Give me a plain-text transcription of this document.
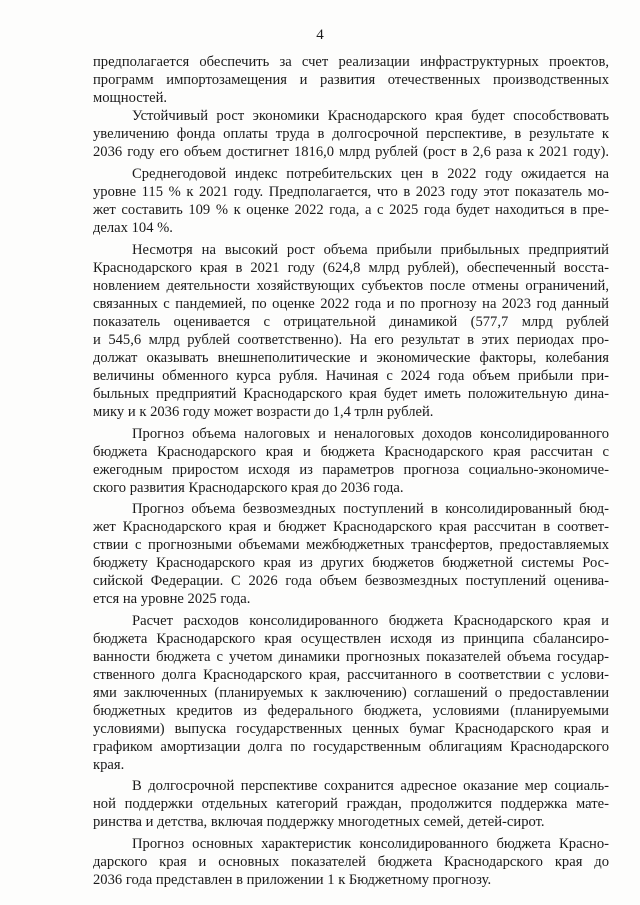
4
предполагается обеспечить за счет реализации инфраструктурных проектов,
программ импортозамещения и развития отечественных производственных
мощностей.
Устойчивый рост экономики Краснодарского края будет способствовать
увеличению фонда оплаты труда в долгосрочной перспективе, в результате к
2036 году его объем достигнет 1816,0 млрд рублей (рост в 2,6 раза к 2021 году).
Среднегодовой индекс потребительских цен в 2022 году ожидается на
уровне 115 % к 2021 году. Предполагается, что в 2023 году этот показатель мо-
жет составить 109 % к оценке 2022 года, а с 2025 года будет находиться в пре-
делах 104 %.
Несмотря на высокий рост объема прибыли прибыльных предприятий
Краснодарского края в 2021 году (624,8 млрд рублей), обеспеченный восста-
новлением деятельности хозяйствующих субъектов после отмены ограничений,
связанных с пандемией, по оценке 2022 года и по прогнозу на 2023 год данный
показатель оценивается с отрицательной динамикой (577,7 млрд рублей
и 545,6 млрд рублей соответственно). На его результат в этих периодах про-
должат оказывать внешнеполитические и экономические факторы, колебания
величины обменного курса рубля. Начиная с 2024 года объем прибыли при-
быльных предприятий Краснодарского края будет иметь положительную дина-
мику и к 2036 году может возрасти до 1,4 трлн рублей.
Прогноз объема налоговых и неналоговых доходов консолидированного
бюджета Краснодарского края и бюджета Краснодарского края рассчитан с
ежегодным приростом исходя из параметров прогноза социально-экономиче-
ского развития Краснодарского края до 2036 года.
Прогноз объема безвозмездных поступлений в консолидированный бюд-
жет Краснодарского края и бюджет Краснодарского края рассчитан в соответ-
ствии с прогнозными объемами межбюджетных трансфертов, предоставляемых
бюджету Краснодарского края из других бюджетов бюджетной системы Рос-
сийской Федерации. С 2026 года объем безвозмездных поступлений оценива-
ется на уровне 2025 года.
Расчет расходов консолидированного бюджета Краснодарского края и
бюджета Краснодарского края осуществлен исходя из принципа сбалансиро-
ванности бюджета с учетом динамики прогнозных показателей объема государ-
ственного долга Краснодарского края, рассчитанного в соответствии с услови-
ями заключенных (планируемых к заключению) соглашений о предоставлении
бюджетных кредитов из федерального бюджета, условиями (планируемыми
условиями) выпуска государственных ценных бумаг Краснодарского края и
графиком амортизации долга по государственным облигациям Краснодарского
края.
В долгосрочной перспективе сохранится адресное оказание мер социаль-
ной поддержки отдельных категорий граждан, продолжится поддержка мате-
ринства и детства, включая поддержку многодетных семей, детей-сирот.
Прогноз основных характеристик консолидированного бюджета Красно-
дарского края и основных показателей бюджета Краснодарского края до
2036 года представлен в приложении 1 к Бюджетному прогнозу.
